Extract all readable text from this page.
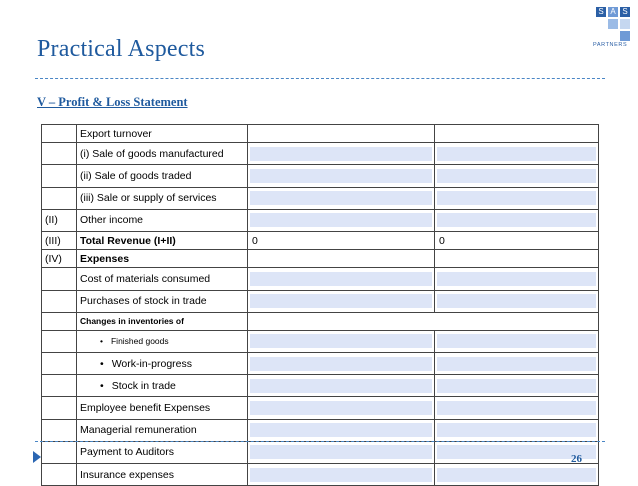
Practical Aspects
S A S
PARTNERS
V – Profit & Loss Statement
	Export turnover		
	(i) Sale of goods manufactured	

	(ii) Sale of goods traded	

	(iii) Sale or supply of services	

(II)	Other income	

(III)	Total Revenue (I+II)	0	0
(IV)	Expenses		
	Cost of materials consumed	

	Purchases of stock in trade	

	Changes in inventories of		
	• Finished goods	

	• Work-in-progress	

	• Stock in trade	

	Employee benefit Expenses	

	Managerial remuneration	

	Payment to Auditors	

	Insurance expenses	

26
